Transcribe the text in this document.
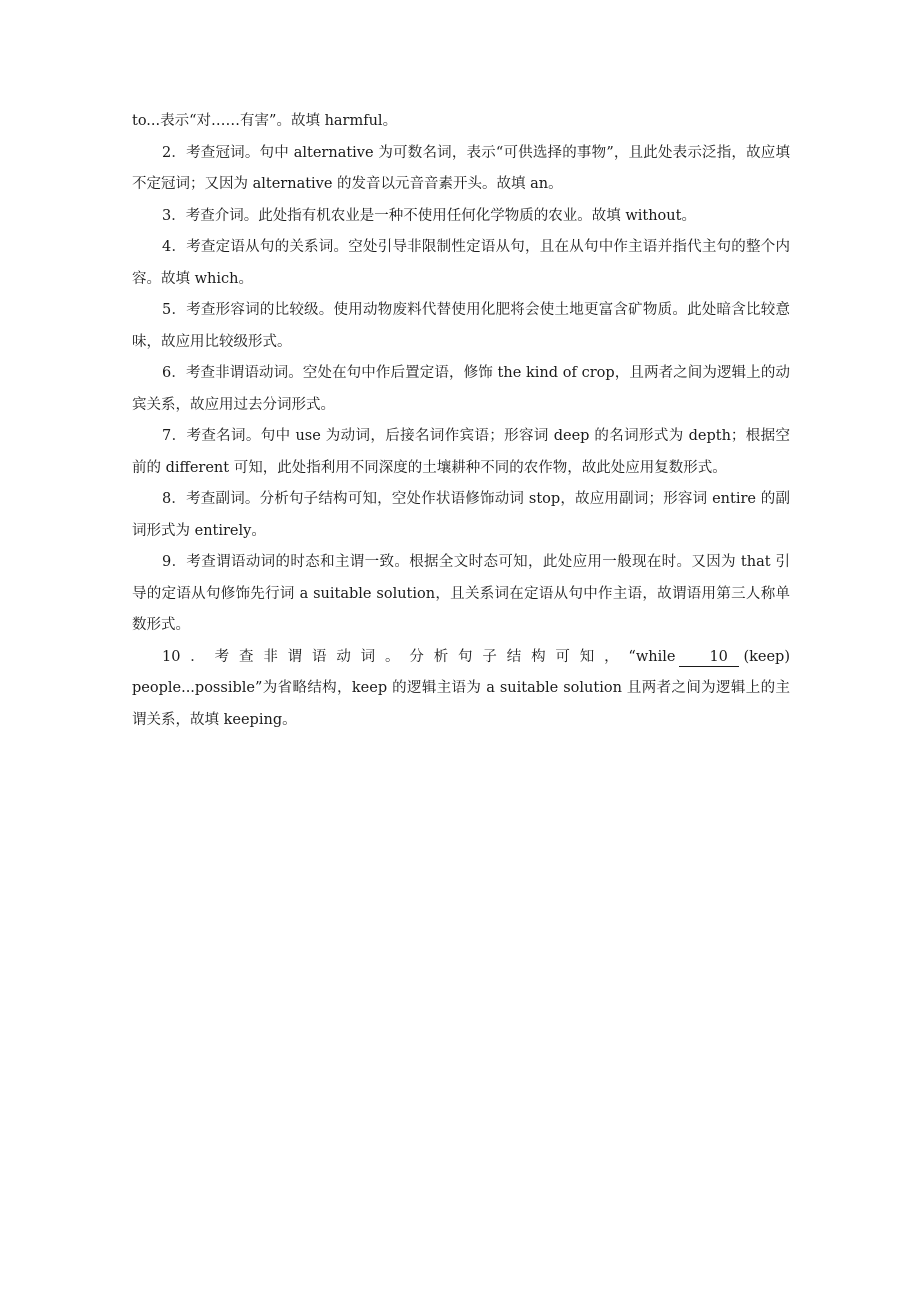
to...表示“对……有害”。故填 harmful。

2．考查冠词。句中 alternative 为可数名词，表示“可供选择的事物”，且此处表示泛指，故应填不定冠词；又因为 alternative 的发音以元音音素开头。故填 an。

3．考查介词。此处指有机农业是一种不使用任何化学物质的农业。故填 without。

4．考查定语从句的关系词。空处引导非限制性定语从句，且在从句中作主语并指代主句的整个内容。故填 which。

5．考查形容词的比较级。使用动物废料代替使用化肥将会使土地更富含矿物质。此处暗含比较意味，故应用比较级形式。

6．考查非谓语动词。空处在句中作后置定语，修饰 the kind of crop，且两者之间为逻辑上的动宾关系，故应用过去分词形式。

7．考查名词。句中 use 为动词，后接名词作宾语；形容词 deep 的名词形式为 depth；根据空前的 different 可知，此处指利用不同深度的土壤耕种不同的农作物，故此处应用复数形式。

8．考查副词。分析句子结构可知，空处作状语修饰动词 stop，故应用副词；形容词 entire 的副词形式为 entirely。

9．考查谓语动词的时态和主谓一致。根据全文时态可知，此处应用一般现在时。又因为 that 引导的定语从句修饰先行词 a suitable solution，且关系词在定语从句中作主语，故谓语用第三人称单数形式。

10．考查非谓语动词。分析句子结构可知，“while 10 (keep)

people...possible”为省略结构，keep 的逻辑主语为 a suitable solution 且两者之间为逻辑上的主谓关系，故填 keeping。
